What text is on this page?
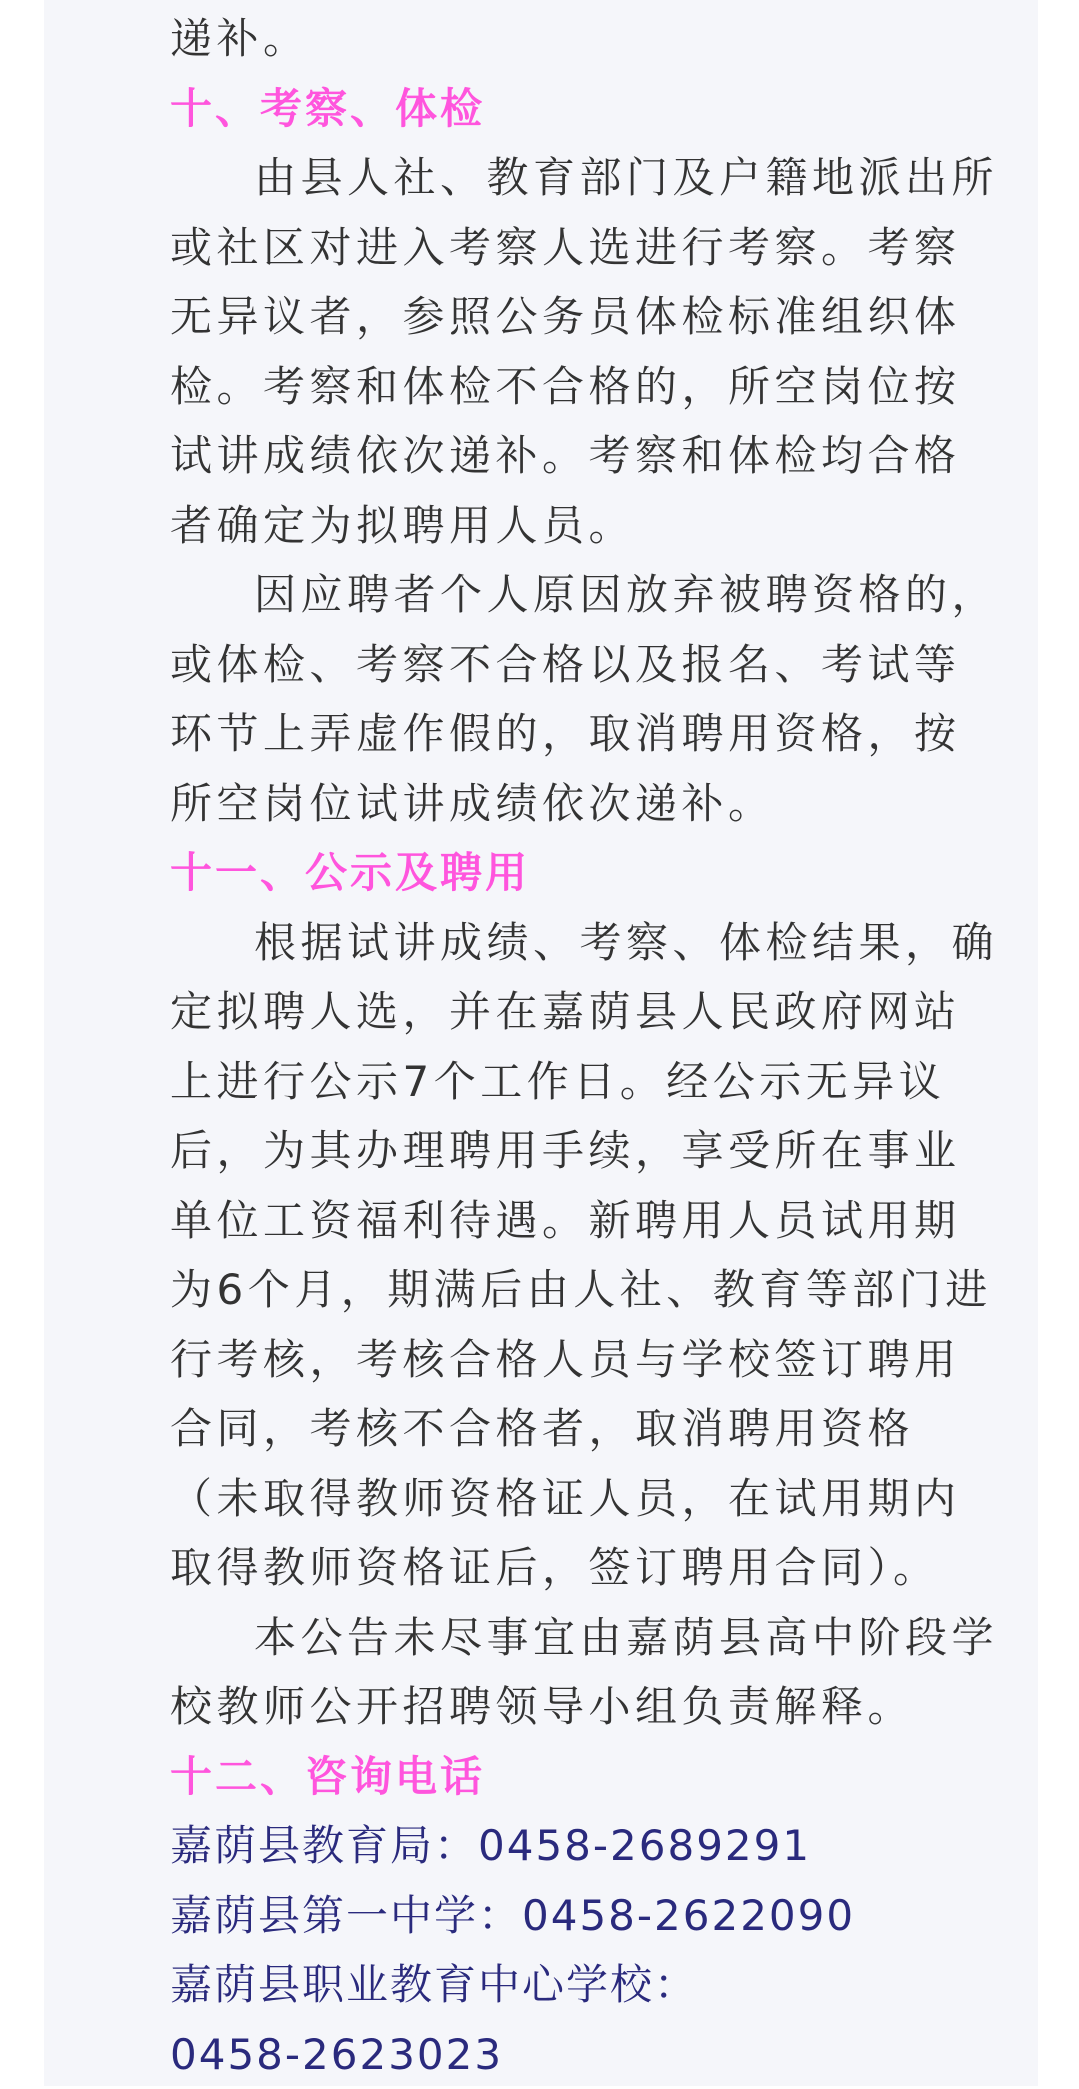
递补。

十、考察、体检

由县人社、教育部门及户籍地派出所或社区对进入考察人选进行考察。考察无异议者，参照公务员体检标准组织体检。考察和体检不合格的，所空岗位按试讲成绩依次递补。考察和体检均合格者确定为拟聘用人员。

因应聘者个人原因放弃被聘资格的，或体检、考察不合格以及报名、考试等环节上弄虚作假的，取消聘用资格，按所空岗位试讲成绩依次递补。

十一、公示及聘用

根据试讲成绩、考察、体检结果，确定拟聘人选，并在嘉荫县人民政府网站上进行公示7个工作日。经公示无异议后，为其办理聘用手续，享受所在事业单位工资福利待遇。新聘用人员试用期为6个月，期满后由人社、教育等部门进行考核，考核合格人员与学校签订聘用合同，考核不合格者，取消聘用资格（未取得教师资格证人员，在试用期内取得教师资格证后，签订聘用合同）。

本公告未尽事宜由嘉荫县高中阶段学校教师公开招聘领导小组负责解释。

十二、咨询电话

嘉荫县教育局：0458-2689291

嘉荫县第一中学：0458-2622090

嘉荫县职业教育中心学校：

0458-2623023
